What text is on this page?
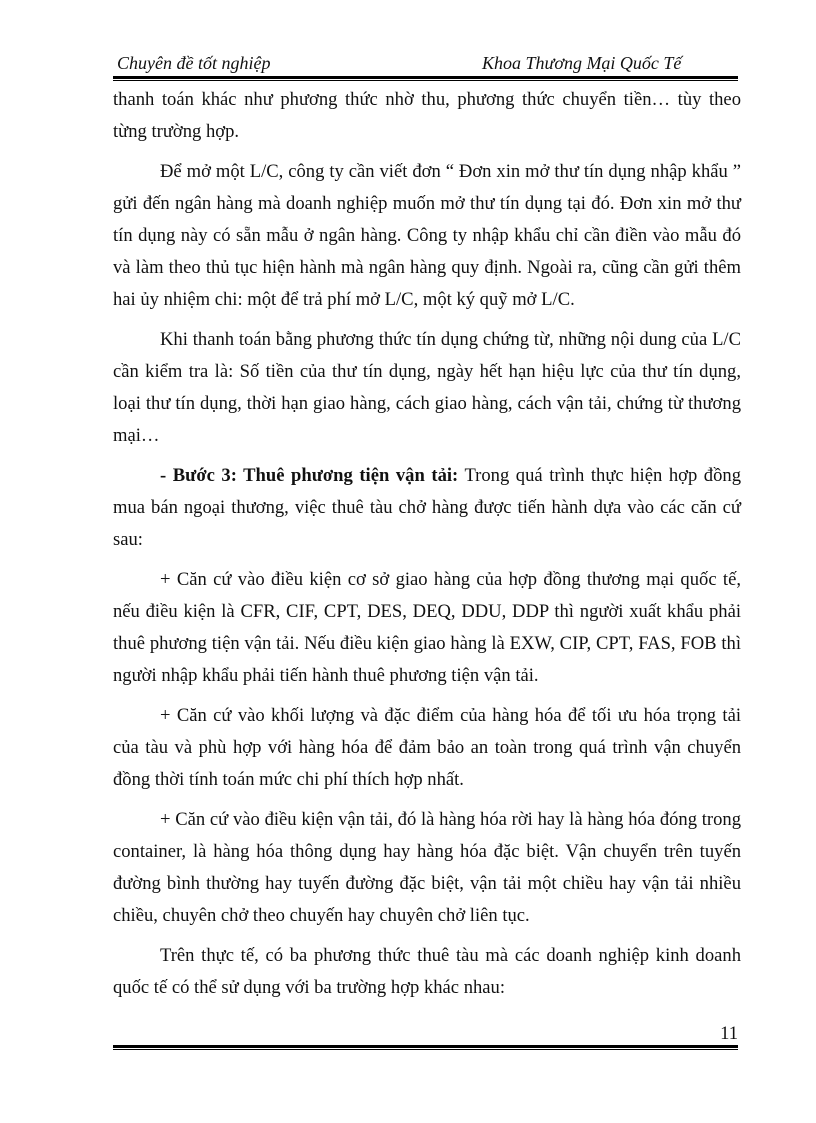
Chuyên đề tốt nghiệp	Khoa Thương Mại Quốc Tế

thanh toán khác như phương thức nhờ thu, phương thức chuyển tiền… tùy theo từng trường hợp.

Để mở một L/C, công ty cần viết đơn “ Đơn xin mở thư tín dụng nhập khẩu ” gửi đến ngân hàng mà doanh nghiệp muốn mở thư tín dụng tại đó. Đơn xin mở thư tín dụng này có sẵn mẫu ở ngân hàng. Công ty nhập khẩu chỉ cần điền vào mẫu đó và làm theo thủ tục hiện hành mà ngân hàng quy định. Ngoài ra, cũng cần gửi thêm hai ủy nhiệm chi: một để trả phí mở L/C, một ký quỹ mở L/C.

Khi thanh toán bằng phương thức tín dụng chứng từ, những nội dung của L/C cần kiểm tra là: Số tiền của thư tín dụng, ngày hết hạn hiệu lực của thư tín dụng, loại thư tín dụng, thời hạn giao hàng, cách giao hàng, cách vận tải, chứng từ thương mại…

- Bước 3: Thuê phương tiện vận tải: Trong quá trình thực hiện hợp đồng mua bán ngoại thương, việc thuê tàu chở hàng được tiến hành dựa vào các căn cứ sau:

+ Căn cứ vào điều kiện cơ sở giao hàng của hợp đồng thương mại quốc tế, nếu điều kiện là CFR, CIF, CPT, DES, DEQ, DDU, DDP thì người xuất khẩu phải thuê phương tiện vận tải. Nếu điều kiện giao hàng là EXW, CIP, CPT, FAS, FOB thì người nhập khẩu phải tiến hành thuê phương tiện vận tải.

+ Căn cứ vào khối lượng và đặc điểm của hàng hóa để tối ưu hóa trọng tải của tàu và phù hợp với hàng hóa để đảm bảo an toàn trong quá trình vận chuyển đồng thời tính toán mức chi phí thích hợp nhất.

+ Căn cứ vào điều kiện vận tải, đó là hàng hóa rời hay là hàng hóa đóng trong container, là hàng hóa thông dụng hay hàng hóa đặc biệt. Vận chuyển trên tuyến đường bình thường hay tuyến đường đặc biệt, vận tải một chiều hay vận tải nhiều chiều, chuyên chở theo chuyến hay chuyên chở liên tục.

Trên thực tế, có ba phương thức thuê tàu mà các doanh nghiệp kinh doanh quốc tế có thể sử dụng với ba trường hợp khác nhau:

11
